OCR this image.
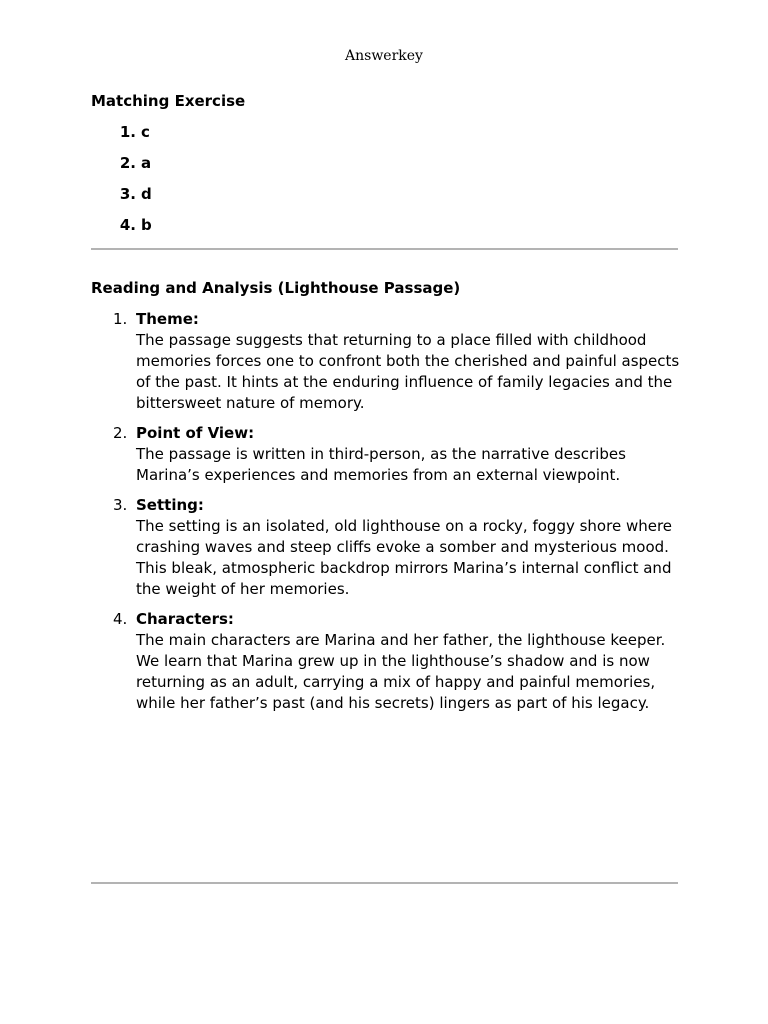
Answerkey
Matching Exercise
1. c
2. a
3. d
4. b
Reading and Analysis (Lighthouse Passage)
1. Theme:
The passage suggests that returning to a place filled with childhood memories forces one to confront both the cherished and painful aspects of the past. It hints at the enduring influence of family legacies and the bittersweet nature of memory.
2. Point of View:
The passage is written in third-person, as the narrative describes Marina’s experiences and memories from an external viewpoint.
3. Setting:
The setting is an isolated, old lighthouse on a rocky, foggy shore where crashing waves and steep cliffs evoke a somber and mysterious mood. This bleak, atmospheric backdrop mirrors Marina’s internal conflict and the weight of her memories.
4. Characters:
The main characters are Marina and her father, the lighthouse keeper. We learn that Marina grew up in the lighthouse’s shadow and is now returning as an adult, carrying a mix of happy and painful memories, while her father’s past (and his secrets) lingers as part of his legacy.
